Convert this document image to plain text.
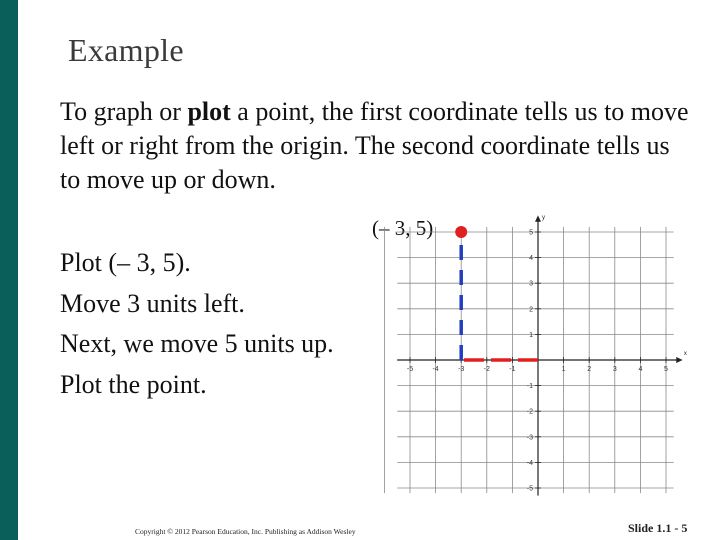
Example
To graph or plot a point, the first coordinate tells us to move left or right from the origin. The second coordinate tells us to move up or down.
Plot (– 3, 5).
Move 3 units left.
Next, we move 5 units up.
Plot the point.
(– 3, 5)
x
y
-5	-4	-3	-2	-1	1	2	3	4	5
5
4
3
2
1
-1
-2
-3
-4
-5
Copyright © 2012 Pearson Education, Inc. Publishing as Addison Wesley	Slide 1.1 - 5
